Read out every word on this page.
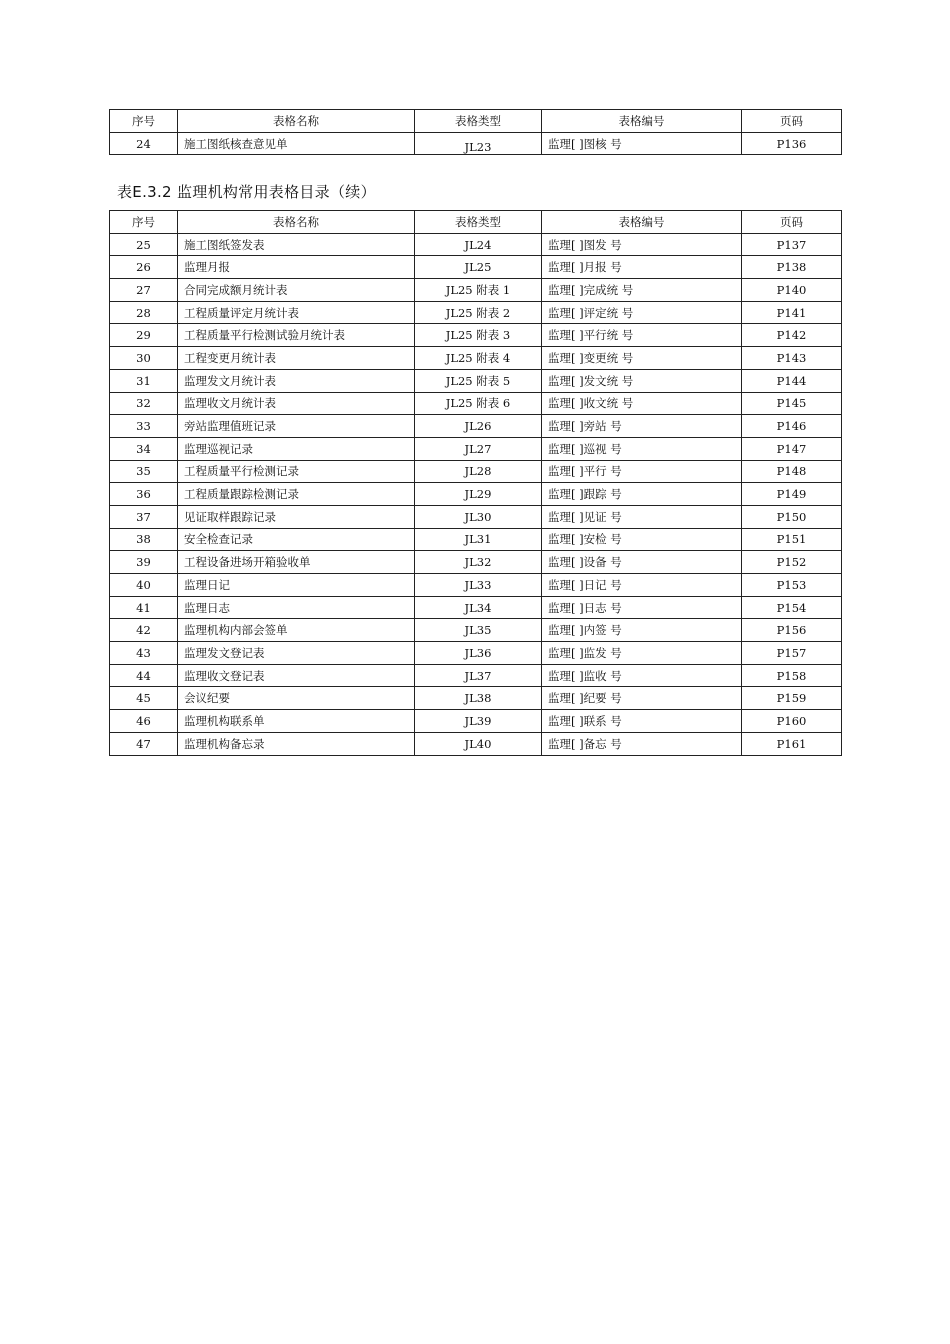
序号	表格名称	表格类型	表格编号	页码
24	施工图纸核查意见单	JL23	监理[ ]图核 号	P136
表E.3.2 监理机构常用表格目录（续）
序号	表格名称	表格类型	表格编号	页码
25	施工图纸签发表	JL24	监理[ ]图发 号	P137
26	监理月报	JL25	监理[ ]月报 号	P138
27	合同完成额月统计表	JL25 附表 1	监理[ ]完成统 号	P140
28	工程质量评定月统计表	JL25 附表 2	监理[ ]评定统 号	P141
29	工程质量平行检测试验月统计表	JL25 附表 3	监理[ ]平行统 号	P142
30	工程变更月统计表	JL25 附表 4	监理[ ]变更统 号	P143
31	监理发文月统计表	JL25 附表 5	监理[ ]发文统 号	P144
32	监理收文月统计表	JL25 附表 6	监理[ ]收文统 号	P145
33	旁站监理值班记录	JL26	监理[ ]旁站 号	P146
34	监理巡视记录	JL27	监理[ ]巡视 号	P147
35	工程质量平行检测记录	JL28	监理[ ]平行 号	P148
36	工程质量跟踪检测记录	JL29	监理[ ]跟踪 号	P149
37	见证取样跟踪记录	JL30	监理[ ]见证 号	P150
38	安全检查记录	JL31	监理[ ]安检 号	P151
39	工程设备进场开箱验收单	JL32	监理[ ]设备 号	P152
40	监理日记	JL33	监理[ ]日记 号	P153
41	监理日志	JL34	监理[ ]日志 号	P154
42	监理机构内部会签单	JL35	监理[ ]内签 号	P156
43	监理发文登记表	JL36	监理[ ]监发 号	P157
44	监理收文登记表	JL37	监理[ ]监收 号	P158
45	会议纪要	JL38	监理[ ]纪要 号	P159
46	监理机构联系单	JL39	监理[ ]联系 号	P160
47	监理机构备忘录	JL40	监理[ ]备忘 号	P161
